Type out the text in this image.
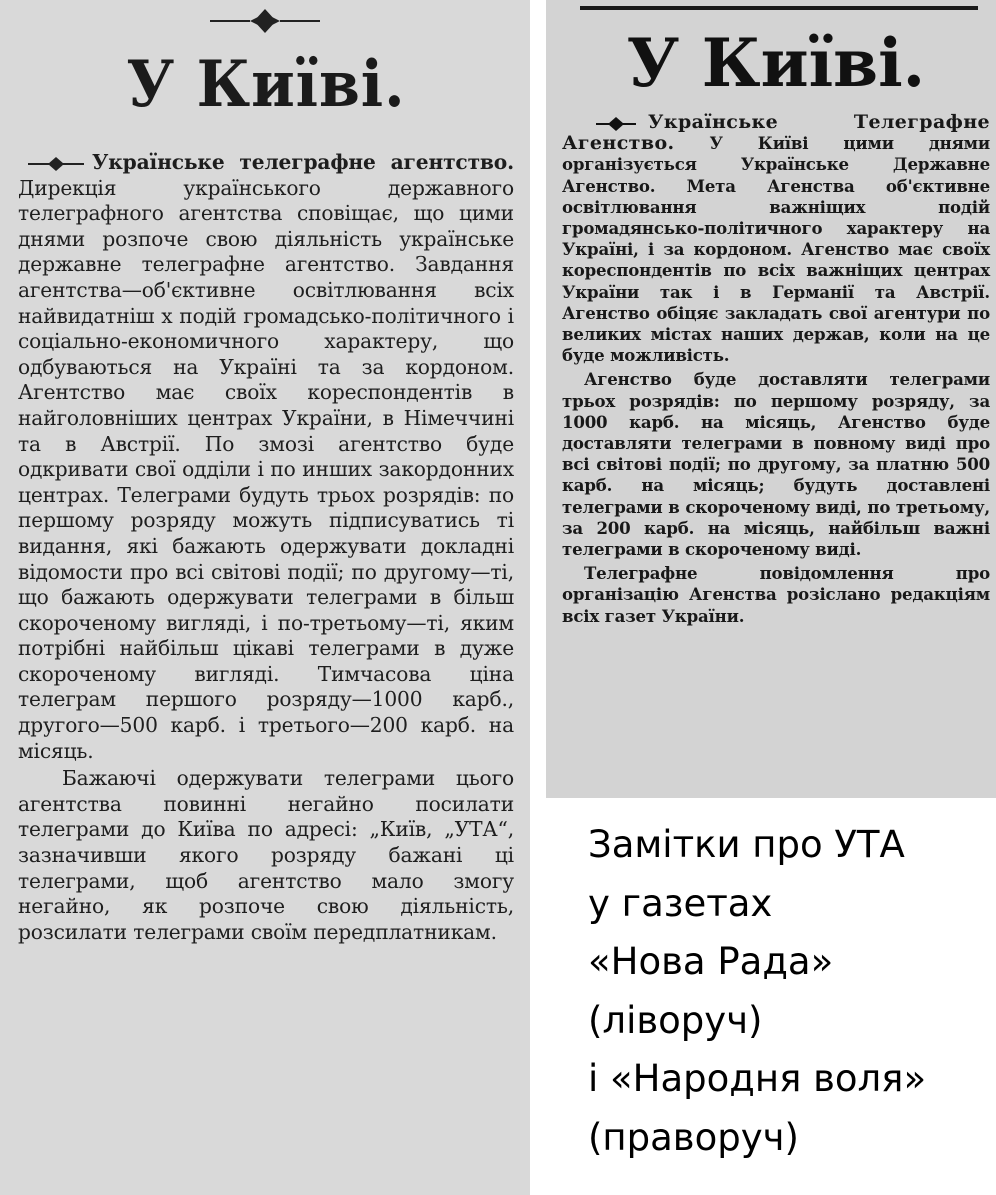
У Київі.

Українське телеграфне агентство. Дирекція українського державного телеграфного агентства сповіщає, що цими днями розпоче свою діяльність українське державне телеграфне агентство. Завдання агентства—об'єктивне освітлювання всіх найвидатніш х подій громадсько-політичного і соціально-економичного характеру, що одбуваються на Україні та за кордоном. Агентство має своїх кореспондентів в найголовніших центрах України, в Німеччині та в Австрії. По змозі агентство буде одкривати свої одділи і по инших закордонних центрах. Телеграми будуть трьох розрядів: по першому розряду можуть підписуватись ті видання, які бажають одержувати докладні відомости про всі світові події; по другому—ті, що бажають одержувати телеграми в більш скороченому вигляді, і по-третьому—ті, яким потрібні найбільш цікаві телеграми в дуже скороченому вигляді. Тимчасова ціна телеграм першого розряду—1000 карб., другого—500 карб. і третього—200 карб. на місяць.

Бажаючі одержувати телеграми цього агентства повинні негайно посилати телеграми до Київа по адресі: „Київ, „УТА“, зазначивши якого розряду бажані ці телеграми, щоб агентство мало змогу негайно, як розпоче свою діяльність, розсилати телеграми своїм передплатникам.

У Київі.

Українське Телеграфне Агенство. У Київі цими днями організується Українське Державне Агенство. Мета Агенства об'єктивне освітлювання важніщих подій громадянсько-політичного характеру на Україні, і за кордоном. Агенство має своїх кореспондентів по всіх важніщих центрах України так і в Германії та Австрії. Агенство обіцяє закладать свої агентури по великих містах наших держав, коли на це буде можливість.

Агенство буде доставляти телеграми трьох розрядів: по першому розряду, за 1000 карб. на місяць, Агенство буде доставляти телеграми в повному виді про всі світові події; по другому, за платню 500 карб. на місяць; будуть доставлені телеграми в скороченому виді, по третьому, за 200 карб. на місяць, найбільш важні телеграми в скороченому виді.

Телеграфне повідомлення про організацію Агенства розіслано редакціям всіх газет України.

Замітки про УТА
у газетах
«Нова Рада»
(ліворуч)
і «Народня воля»
(праворуч)
